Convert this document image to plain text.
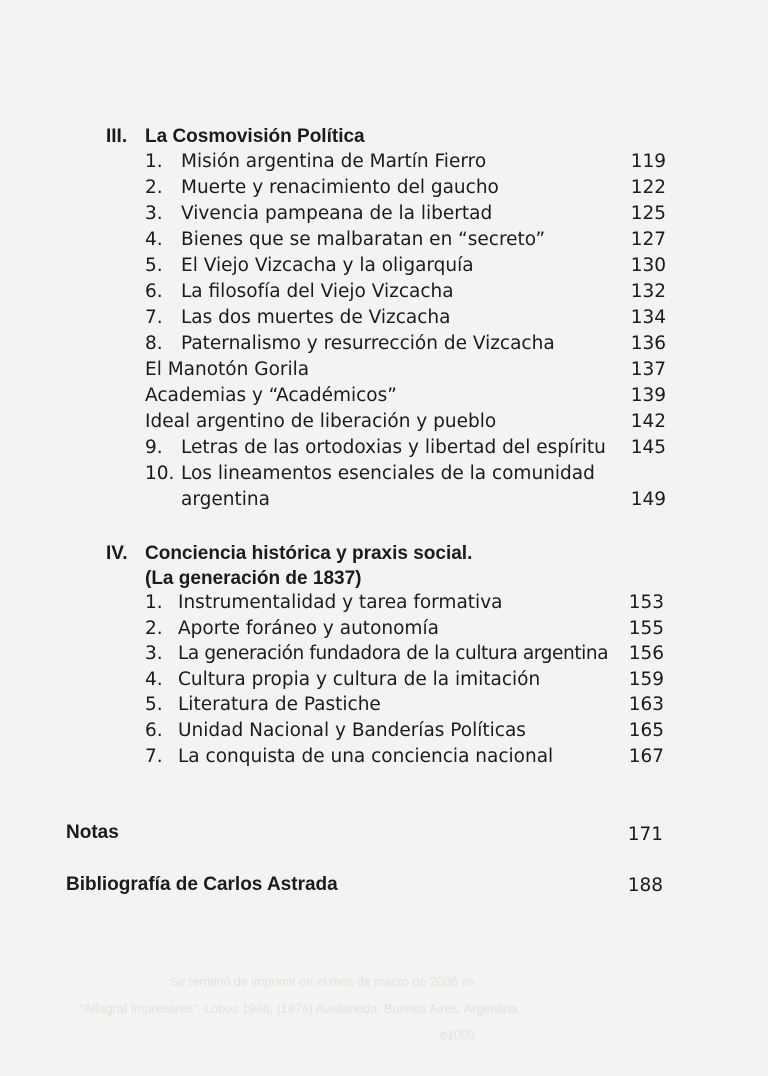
III. La Cosmovisión Política
1. Misión argentina de Martín Fierro	119
2. Muerte y renacimiento del gaucho	122
3. Vivencia pampeana de la libertad	125
4. Bienes que se malbaratan en “secreto”	127
5. El Viejo Vizcacha y la oligarquía	130
6. La filosofía del Viejo Vizcacha	132
7. Las dos muertes de Vizcacha	134
8. Paternalismo y resurrección de Vizcacha	136
El Manotón Gorila	137
Academias y “Académicos”	139
Ideal argentino de liberación y pueblo	142
9. Letras de las ortodoxias y libertad del espíritu	145
10. Los lineamentos esenciales de la comunidad
argentina	149
IV. Conciencia histórica y praxis social.
(La generación de 1837)
1. Instrumentalidad y tarea formativa	153
2. Aporte foráneo y autonomía	155
3. La generación fundadora de la cultura argentina	156
4. Cultura propia y cultura de la imitación	159
5. Literatura de Pastiche	163
6. Unidad Nacional y Banderías Políticas	165
7. La conquista de una conciencia nacional	167
Notas	171
Bibliografía de Carlos Astrada	188
Se terminó de imprimir en el mes de marzo de 2006 en
“Alfagraf Impresores”, Lobos 1968, (1874) Avellaneda, Buenos Aires, Argentina.
e1000
